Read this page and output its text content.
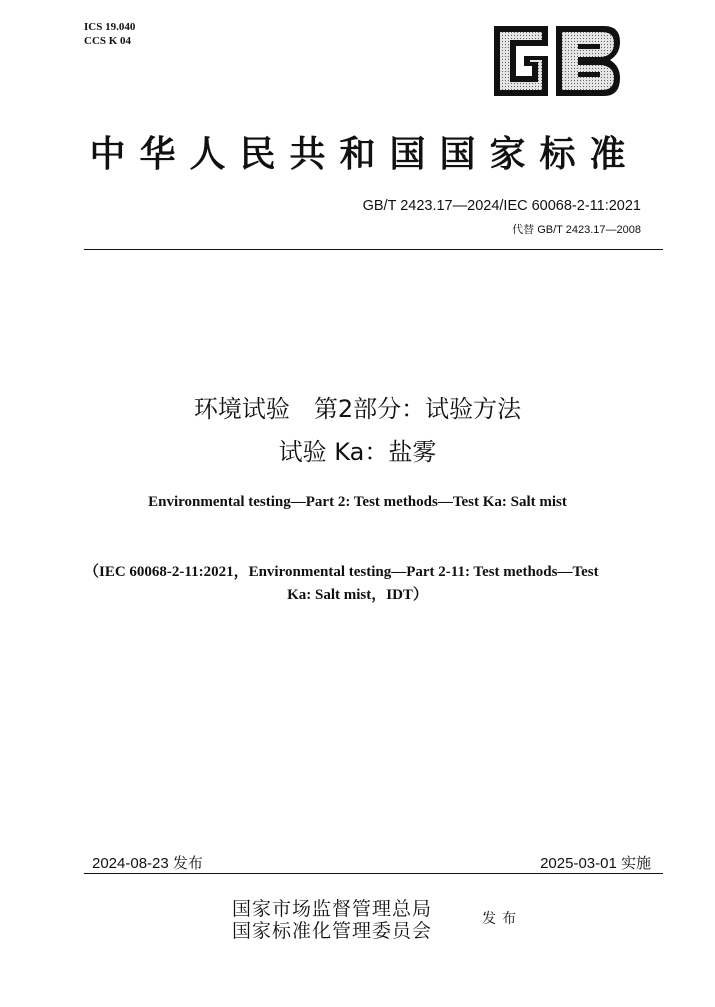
ICS 19.040
CCS K 04
中华人民共和国国家标准
GB/T 2423.17—2024/IEC 60068-2-11:2021
代替 GB/T 2423.17—2008
环境试验　第2部分：试验方法
试验 Ka：盐雾
Environmental testing—Part 2: Test methods—Test Ka: Salt mist
（IEC 60068-2-11:2021，Environmental testing—Part 2-11: Test methods—Test
Ka: Salt mist，IDT）
2024-08-23 发布	2025-03-01 实施
国家市场监督管理总局
国家标准化管理委员会
发布
